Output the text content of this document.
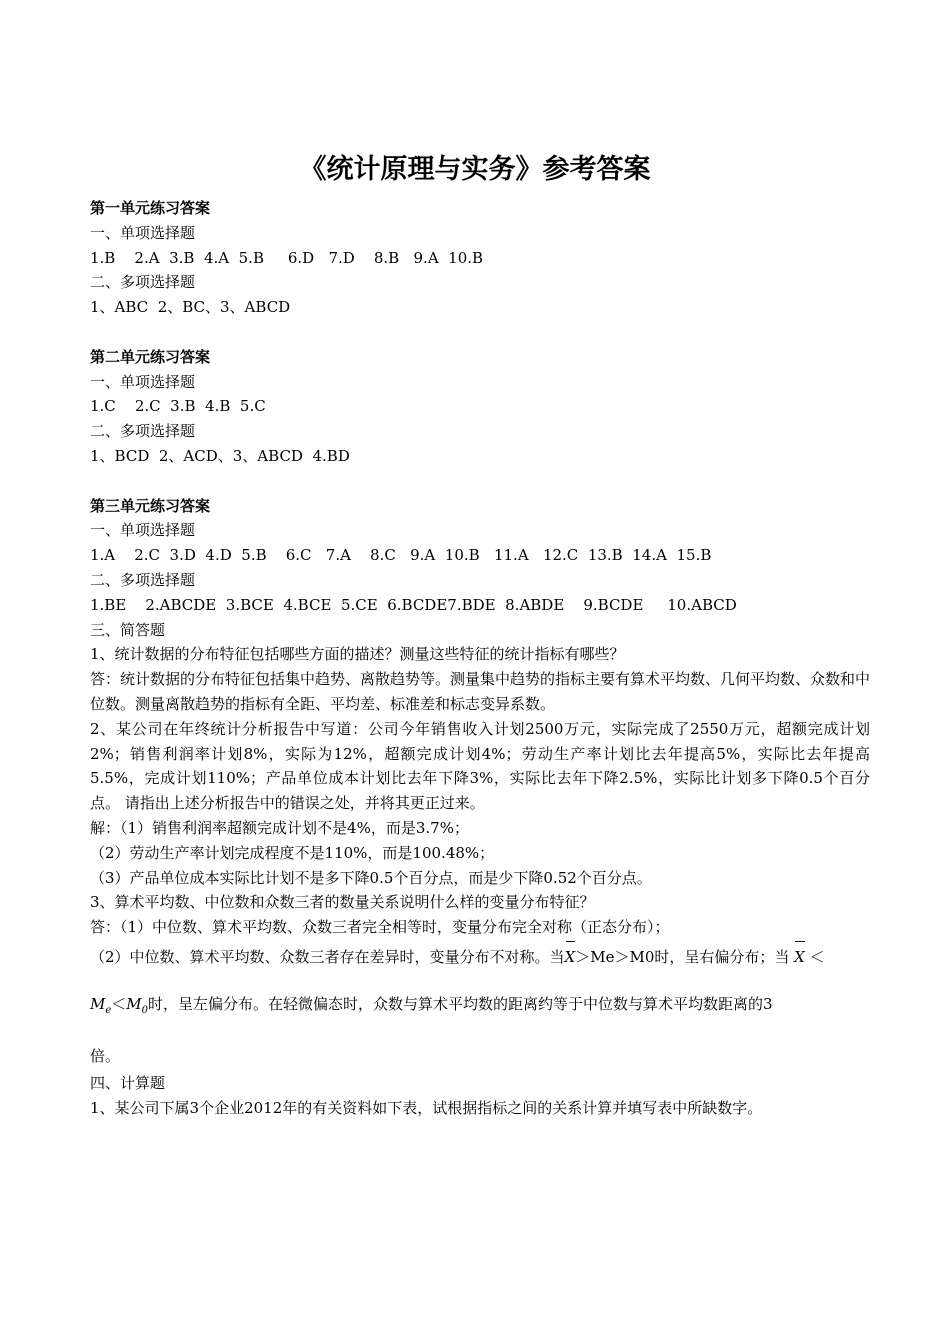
《统计原理与实务》参考答案
第一单元练习答案
一、单项选择题
1.B    2.A  3.B  4.A  5.B     6.D   7.D    8.B   9.A  10.B
二、多项选择题
1、ABC  2、BC、3、ABCD
第二单元练习答案
一、单项选择题
1.C    2.C  3.B  4.B  5.C
二、多项选择题
1、BCD  2、ACD、3、ABCD  4.BD
第三单元练习答案
一、单项选择题
1.A    2.C  3.D  4.D  5.B    6.C   7.A    8.C   9.A  10.B   11.A   12.C  13.B  14.A  15.B
二、多项选择题
1.BE    2.ABCDE  3.BCE  4.BCE  5.CE  6.BCDE7.BDE  8.ABDE    9.BCDE     10.ABCD
三、简答题
1、统计数据的分布特征包括哪些方面的描述？测量这些特征的统计指标有哪些？
答：统计数据的分布特征包括集中趋势、离散趋势等。测量集中趋势的指标主要有算术平均数、几何平均数、众数和中位数。测量离散趋势的指标有全距、平均差、标准差和标志变异系数。
2、某公司在年终统计分析报告中写道：公司今年销售收入计划2500万元，实际完成了2550万元，超额完成计划2%；销售利润率计划8%，实际为12%，超额完成计划4%；劳动生产率计划比去年提高5%，实际比去年提高5.5%，完成计划110%；产品单位成本计划比去年下降3%，实际比去年下降2.5%，实际比计划多下降0.5个百分点。 请指出上述分析报告中的错误之处，并将其更正过来。
解：（1）销售利润率超额完成计划不是4%，而是3.7%；
（2）劳动生产率计划完成程度不是110%，而是100.48%；
（3）产品单位成本实际比计划不是多下降0.5个百分点，而是少下降0.52个百分点。
3、算术平均数、中位数和众数三者的数量关系说明什么样的变量分布特征？
答：（1）中位数、算术平均数、众数三者完全相等时，变量分布完全对称（正态分布）；
（2）中位数、算术平均数、众数三者存在差异时，变量分布不对称。当X＞Me＞M0时，呈右偏分布；当 X ＜
$M_e<M_0$时，呈左偏分布。在轻微偏态时，众数与算术平均数的距离约等于中位数与算术平均数距离的3
倍。
四、计算题
1、某公司下属3个企业2012年的有关资料如下表，试根据指标之间的关系计算并填写表中所缺数字。
